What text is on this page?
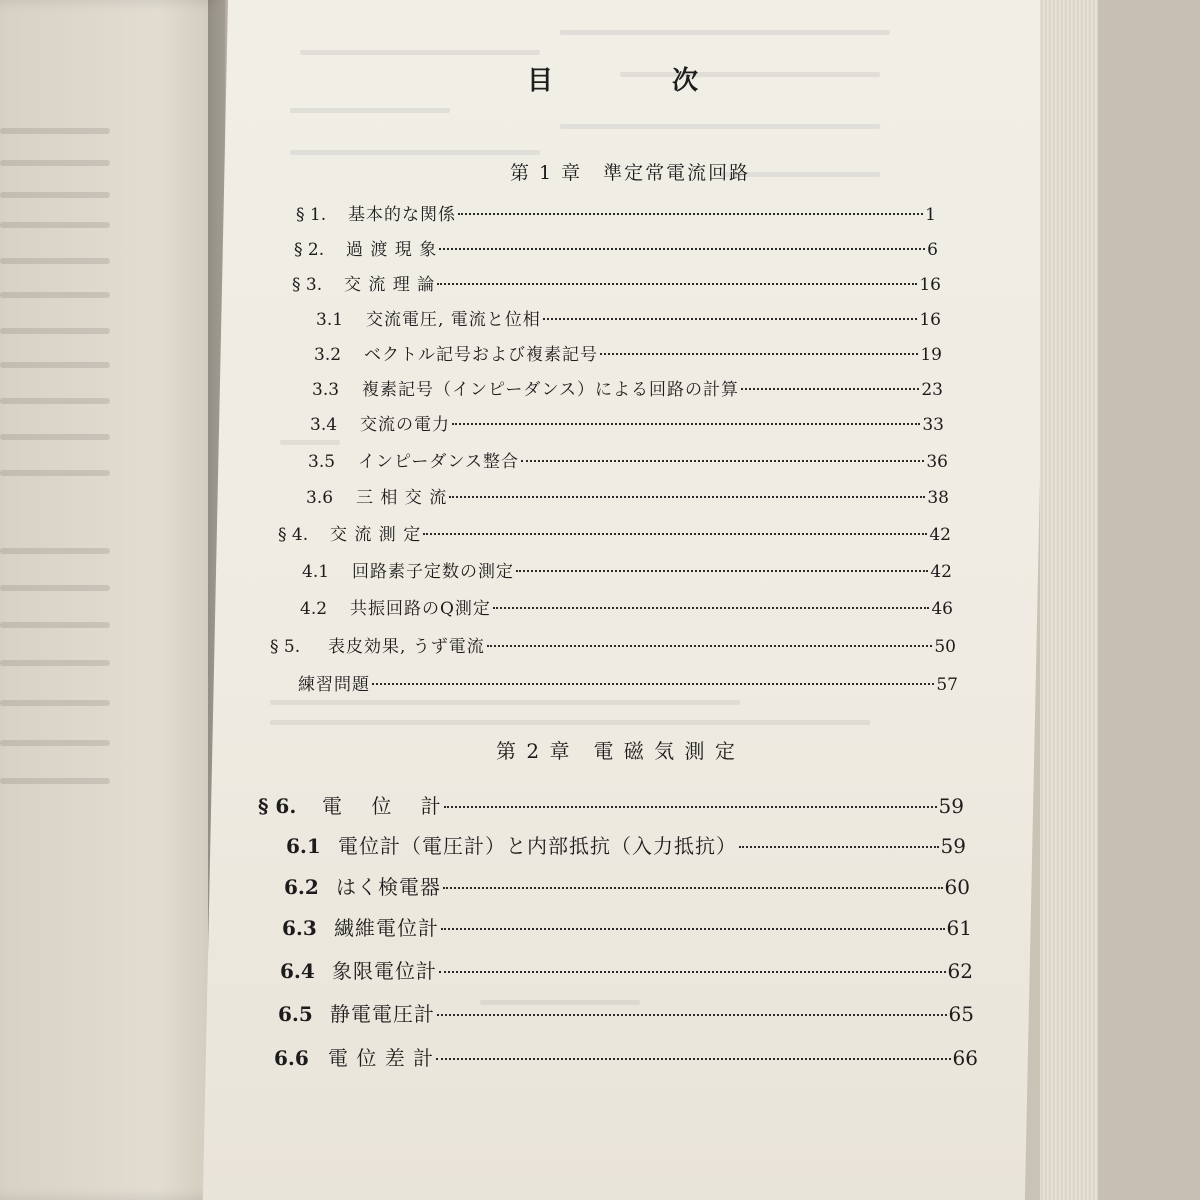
目	次
第 1 章　準定常電流回路
§ 1.	基本的な関係	1
§ 2.	過 渡 現 象	6
§ 3.	交 流 理 論	16
3.1	交流電圧, 電流と位相	16
3.2	ベクトル記号および複素記号	19
3.3	複素記号（インピーダンス）による回路の計算	23
3.4	交流の電力	33
3.5	インピーダンス整合	36
3.6	三 相 交 流	38
§ 4.	交 流 測 定	42
4.1	回路素子定数の測定	42
4.2	共振回路のQ測定	46
§ 5.	表皮効果, うず電流	50
練習問題	57
第 2 章　電 磁 気 測 定
§ 6.	電　 位　 計	59
6.1 電位計（電圧計）と内部抵抗（入力抵抗）	59
6.2 はく検電器	60
6.3 繊維電位計	61
6.4 象限電位計	62
6.5 静電電圧計	65
6.6 電 位 差 計	66
